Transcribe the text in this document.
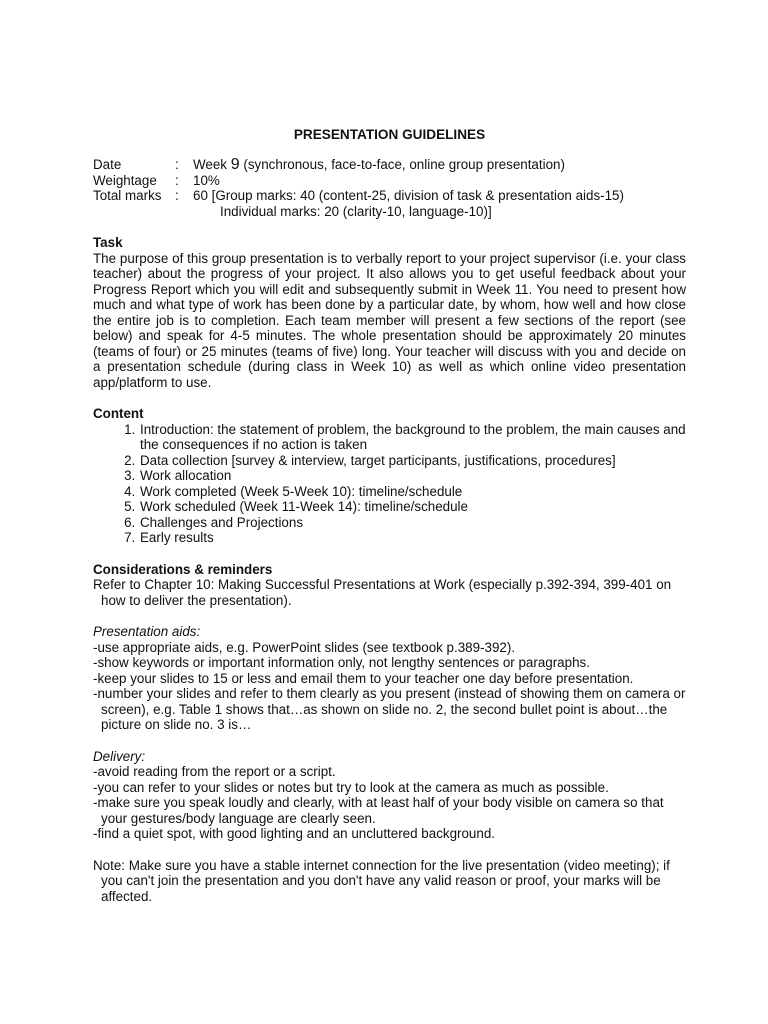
PRESENTATION GUIDELINES
Date	:	Week 9 (synchronous, face-to-face, online group presentation)
Weightage	:	10%
Total marks	:	60 [Group marks: 40 (content-25, division of task & presentation aids-15)
Individual marks: 20 (clarity-10, language-10)]
Task

The purpose of this group presentation is to verbally report to your project supervisor (i.e. your class teacher) about the progress of your project. It also allows you to get useful feedback about your Progress Report which you will edit and subsequently submit in Week 11. You need to present how much and what type of work has been done by a particular date, by whom, how well and how close the entire job is to completion. Each team member will present a few sections of the report (see below) and speak for 4-5 minutes. The whole presentation should be approximately 20 minutes (teams of four) or 25 minutes (teams of five) long. Your teacher will discuss with you and decide on a presentation schedule (during class in Week 10) as well as which online video presentation app/platform to use.

Content
1. Introduction: the statement of problem, the background to the problem, the main causes and the consequences if no action is taken
2. Data collection [survey & interview, target participants, justifications, procedures]
3. Work allocation
4. Work completed (Week 5-Week 10): timeline/schedule
5. Work scheduled (Week 11-Week 14): timeline/schedule
6. Challenges and Projections
7. Early results
Considerations & reminders

Refer to Chapter 10: Making Successful Presentations at Work (especially p.392-394, 399-401 on how to deliver the presentation).

Presentation aids:

-use appropriate aids, e.g. PowerPoint slides (see textbook p.389-392).

-show keywords or important information only, not lengthy sentences or paragraphs.

-keep your slides to 15 or less and email them to your teacher one day before presentation.

-number your slides and refer to them clearly as you present (instead of showing them on camera or screen), e.g. Table 1 shows that…as shown on slide no. 2, the second bullet point is about…the picture on slide no. 3 is…

Delivery:

-avoid reading from the report or a script.

-you can refer to your slides or notes but try to look at the camera as much as possible.

-make sure you speak loudly and clearly, with at least half of your body visible on camera so that your gestures/body language are clearly seen.

-find a quiet spot, with good lighting and an uncluttered background.

Note: Make sure you have a stable internet connection for the live presentation (video meeting); if you can't join the presentation and you don't have any valid reason or proof, your marks will be affected.
